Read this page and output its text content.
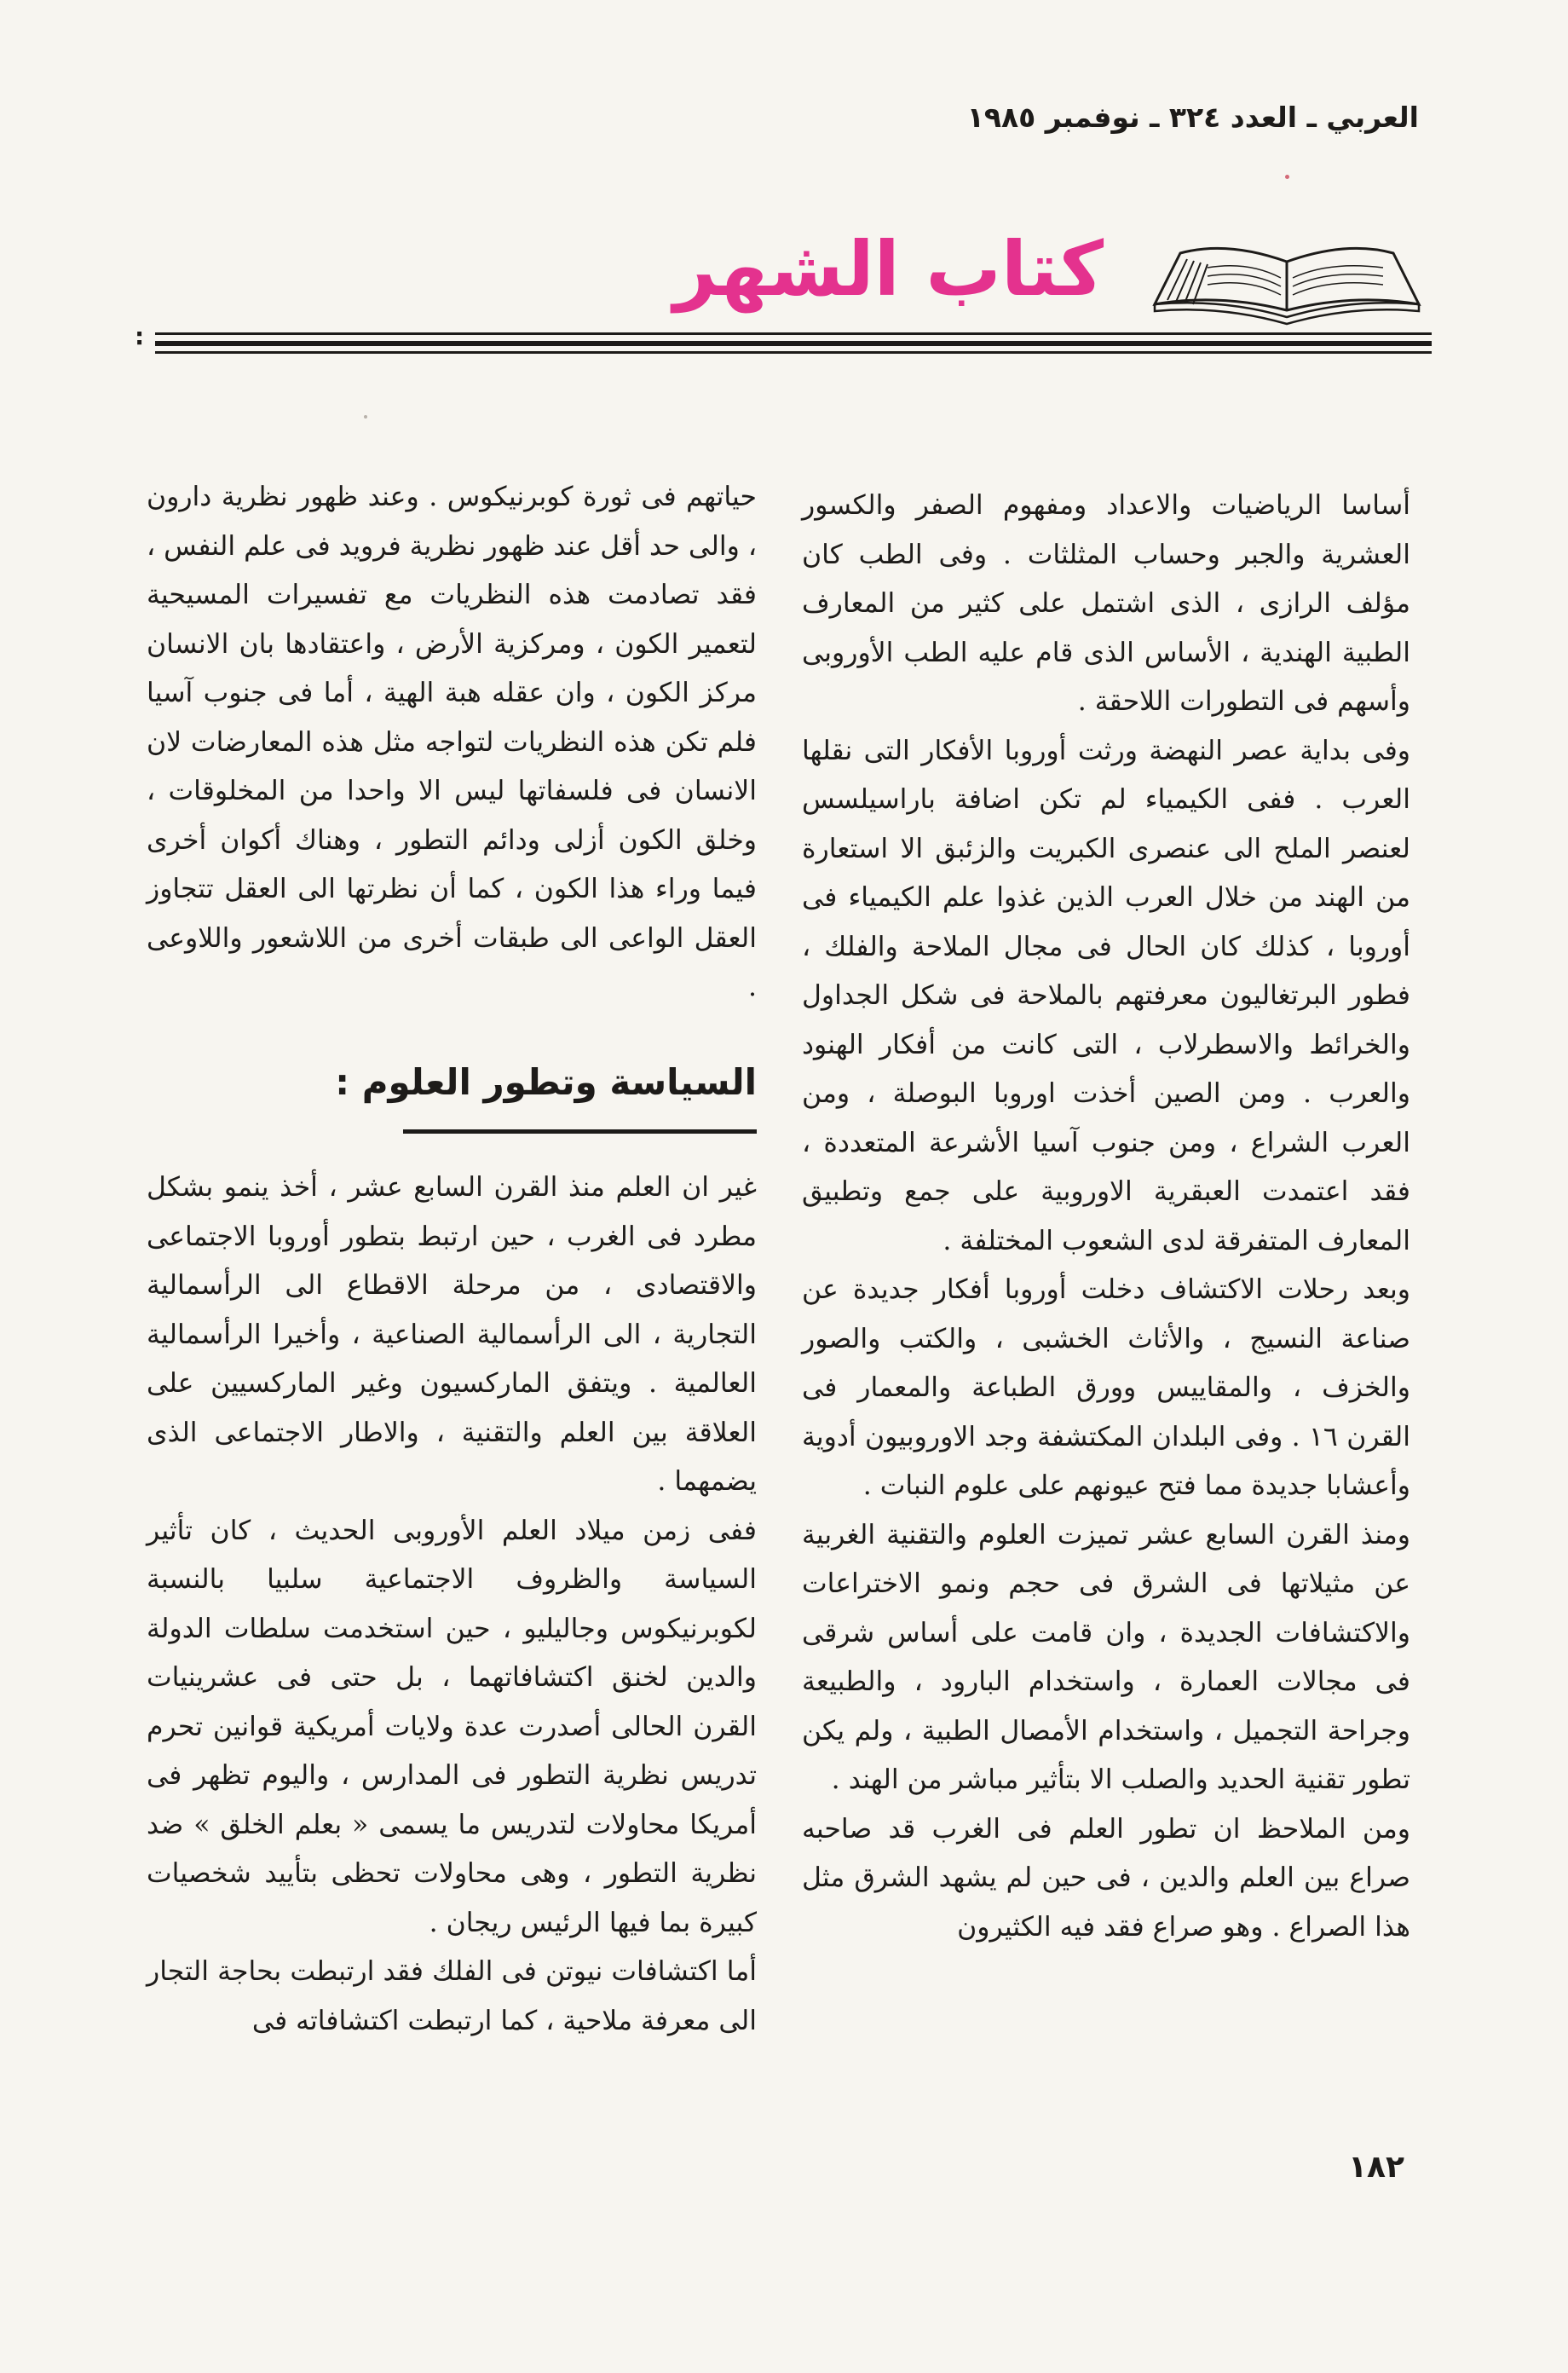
العربي ـ العدد ٣٢٤ ـ نوفمبر ١٩٨٥
كتاب الشهر
:

أساسا الرياضيات والاعداد ومفهوم الصفر والكسور العشرية والجبر وحساب المثلثات . وفى الطب كان مؤلف الرازى ، الذى اشتمل على كثير من المعارف الطبية الهندية ، الأساس الذى قام عليه الطب الأوروبى وأسهم فى التطورات اللاحقة .

وفى بداية عصر النهضة ورثت أوروبا الأفكار التى نقلها العرب . ففى الكيمياء لم تكن اضافة باراسيلسس لعنصر الملح الى عنصرى الكبريت والزئبق الا استعارة من الهند من خلال العرب الذين غذوا علم الكيمياء فى أوروبا ، كذلك كان الحال فى مجال الملاحة والفلك ، فطور البرتغاليون معرفتهم بالملاحة فى شكل الجداول والخرائط والاسطرلاب ، التى كانت من أفكار الهنود والعرب . ومن الصين أخذت اوروبا البوصلة ، ومن العرب الشراع ، ومن جنوب آسيا الأشرعة المتعددة ، فقد اعتمدت العبقرية الاوروبية على جمع وتطبيق المعارف المتفرقة لدى الشعوب المختلفة .

وبعد رحلات الاكتشاف دخلت أوروبا أفكار جديدة عن صناعة النسيج ، والأثاث الخشبى ، والكتب والصور والخزف ، والمقاييس وورق الطباعة والمعمار فى القرن ١٦ . وفى البلدان المكتشفة وجد الاوروبيون أدوية وأعشابا جديدة مما فتح عيونهم على علوم النبات .

ومنذ القرن السابع عشر تميزت العلوم والتقنية الغربية عن مثيلاتها فى الشرق فى حجم ونمو الاختراعات والاكتشافات الجديدة ، وان قامت على أساس شرقى فى مجالات العمارة ، واستخدام البارود ، والطبيعة وجراحة التجميل ، واستخدام الأمصال الطبية ، ولم يكن تطور تقنية الحديد والصلب الا بتأثير مباشر من الهند .

ومن الملاحظ ان تطور العلم فى الغرب قد صاحبه صراع بين العلم والدين ، فى حين لم يشهد الشرق مثل هذا الصراع . وهو صراع فقد فيه الكثيرون

حياتهم فى ثورة كوبرنيكوس . وعند ظهور نظرية دارون ، والى حد أقل عند ظهور نظرية فرويد فى علم النفس ، فقد تصادمت هذه النظريات مع تفسيرات المسيحية لتعمير الكون ، ومركزية الأرض ، واعتقادها بان الانسان مركز الكون ، وان عقله هبة الهية ، أما فى جنوب آسيا فلم تكن هذه النظريات لتواجه مثل هذه المعارضات لان الانسان فى فلسفاتها ليس الا واحدا من المخلوقات ، وخلق الكون أزلى ودائم التطور ، وهناك أكوان أخرى فيما وراء هذا الكون ، كما أن نظرتها الى العقل تتجاوز العقل الواعى الى طبقات أخرى من اللاشعور واللاوعى .

السياسة وتطور العلوم :

غير ان العلم منذ القرن السابع عشر ، أخذ ينمو بشكل مطرد فى الغرب ، حين ارتبط بتطور أوروبا الاجتماعى والاقتصادى ، من مرحلة الاقطاع الى الرأسمالية التجارية ، الى الرأسمالية الصناعية ، وأخيرا الرأسمالية العالمية . ويتفق الماركسيون وغير الماركسيين على العلاقة بين العلم والتقنية ، والاطار الاجتماعى الذى يضمهما .

ففى زمن ميلاد العلم الأوروبى الحديث ، كان تأثير السياسة والظروف الاجتماعية سلبيا بالنسبة لكوبرنيكوس وجاليليو ، حين استخدمت سلطات الدولة والدين لخنق اكتشافاتهما ، بل حتى فى عشرينيات القرن الحالى أصدرت عدة ولايات أمريكية قوانين تحرم تدريس نظرية التطور فى المدارس ، واليوم تظهر فى أمريكا محاولات لتدريس ما يسمى « بعلم الخلق » ضد نظرية التطور ، وهى محاولات تحظى بتأييد شخصيات كبيرة بما فيها الرئيس ريجان .

أما اكتشافات نيوتن فى الفلك فقد ارتبطت بحاجة التجار الى معرفة ملاحية ، كما ارتبطت اكتشافاته فى

١٨٢
